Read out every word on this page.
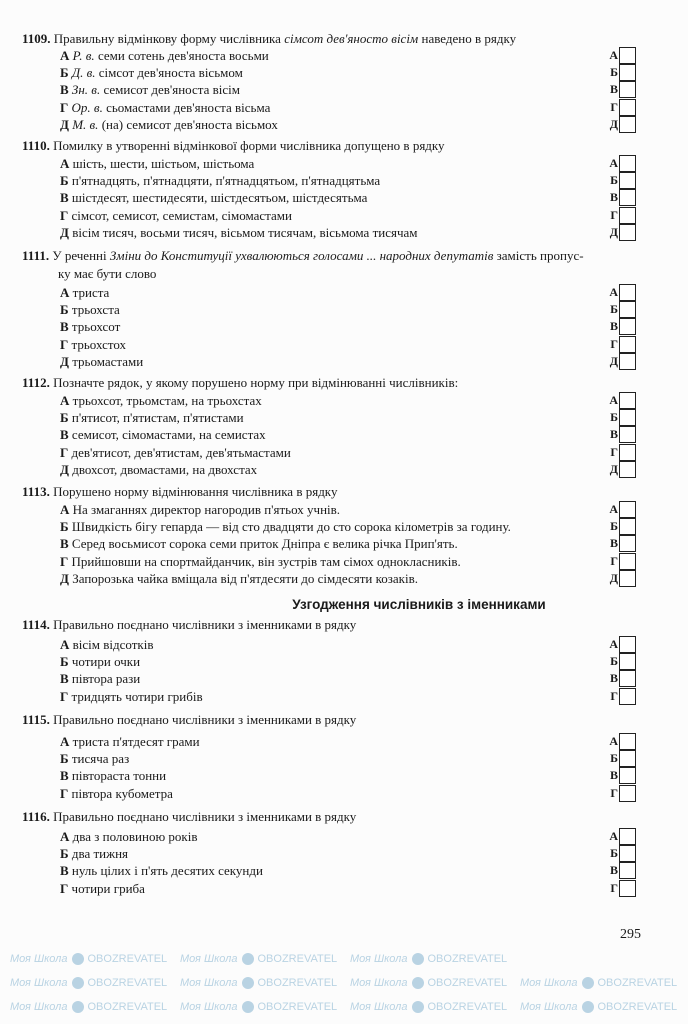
Моя Школа OBOZREVATEL Моя Школа OBOZREVATEL Моя Школа OBOZREVATEL
Моя Школа OBOZREVATEL Моя Школа OBOZREVATEL Моя Школа OBOZREVATEL Моя Школа OBOZREVATEL
Моя Школа OBOZREVATEL Моя Школа OBOZREVATEL Моя Школа OBOZREVATEL Моя Школа OBOZREVATEL
1109. Правильну відмінкову форму числівника сімсот дев'яносто вісім наведено в рядку
А Р. в. семи сотень дев'яноста восьми	А
Б Д. в. сімсот дев'яноста вісьмом	Б
В Зн. в. семисот дев'яноста вісім	В
Г Ор. в. сьомастами дев'яноста вісьма	Г
Д М. в. (на) семисот дев'яноста вісьмох	Д
1110. Помилку в утворенні відмінкової форми числівника допущено в рядку
А шість, шести, шістьом, шістьома	А
Б п'ятнадцять, п'ятнадцяти, п'ятнадцятьом, п'ятнадцятьма	Б
В шістдесят, шестидесяти, шістдесятьом, шістдесятьма	В
Г сімсот, семисот, семистам, сімомастами	Г
Д вісім тисяч, восьми тисяч, вісьмом тисячам, вісьмома тисячам	Д
1111. У реченні Зміни до Конституції ухвалюються голосами ... народних депутатів замість пропус-
ку має бути слово
А триста	А
Б трьохста	Б
В трьохсот	В
Г трьохстох	Г
Д трьомастами	Д
1112. Позначте рядок, у якому порушено норму при відмінюванні числівників:
А трьохсот, трьомстам, на трьохстах	А
Б п'ятисот, п'ятистам, п'ятистами	Б
В семисот, сімомастами, на семистах	В
Г дев'ятисот, дев'ятистам, дев'ятьмастами	Г
Д двохсот, двомастами, на двохстах	Д
1113. Порушено норму відмінювання числівника в рядку
А На змаганнях директор нагородив п'ятьох учнів.	А
Б Швидкість бігу гепарда — від сто двадцяти до сто сорока кілометрів за годину.	Б
В Серед восьмисот сорока семи приток Дніпра є велика річка Прип'ять.	В
Г Прийшовши на спортмайданчик, він зустрів там сімох однокласників.	Г
Д Запорозька чайка вміщала від п'ятдесяти до сімдесяти козаків.	Д
1114. Правильно поєднано числівники з іменниками в рядку
А вісім відсотків	А
Б чотири очки	Б
В півтора рази	В
Г тридцять чотири грибів	Г
1115. Правильно поєднано числівники з іменниками в рядку
А триста п'ятдесят грами	А
Б тисяча раз	Б
В півтораста тонни	В
Г півтора кубометра	Г
1116. Правильно поєднано числівники з іменниками в рядку
А два з половиною років	А
Б два тижня	Б
В нуль цілих і п'ять десятих секунди	В
Г чотири гриба	Г
Узгодження числівників з іменниками
295
